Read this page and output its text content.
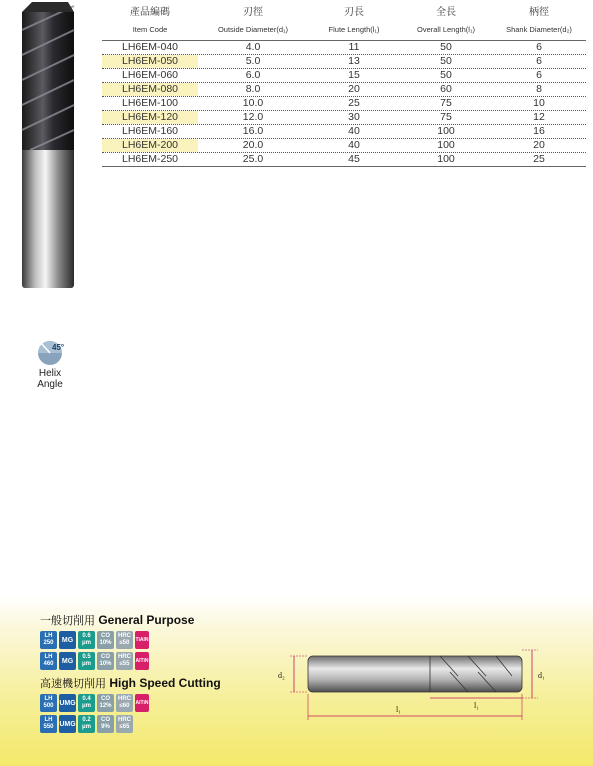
產品編碼	刃徑	刃長	全長	柄徑
Item Code	Outside Diameter(d₁)	Flute Length(l₁)	Overall Length(l₁)	Shank Diameter(d₂)
LH6EM-040	4.0	11	50	6
LH6EM-050	5.0	13	50	6
LH6EM-060	6.0	15	50	6
LH6EM-080	8.0	20	60	8
LH6EM-100	10.0	25	75	10
LH6EM-120	12.0	30	75	12
LH6EM-160	16.0	40	100	16
LH6EM-200	20.0	40	100	20
LH6EM-250	25.0	45	100	25
45°
Helix
Angle
一般切削用 General Purpose
LH 250	MG
0.6 μm
CO 10%
HRC ≤50
TiAlN
LH 460	MG
0.5 μm
CO 10%
HRC ≤55
AlTiN
高速機切削用 High Speed Cutting
LH 500 UMG
0.4 μm
CO 12%
HRC ≤60
AlTiN
LH 550 UMG
0.2 μm
CO 9%
HRC ≤65
d₂	d₁
l₁
l₁
